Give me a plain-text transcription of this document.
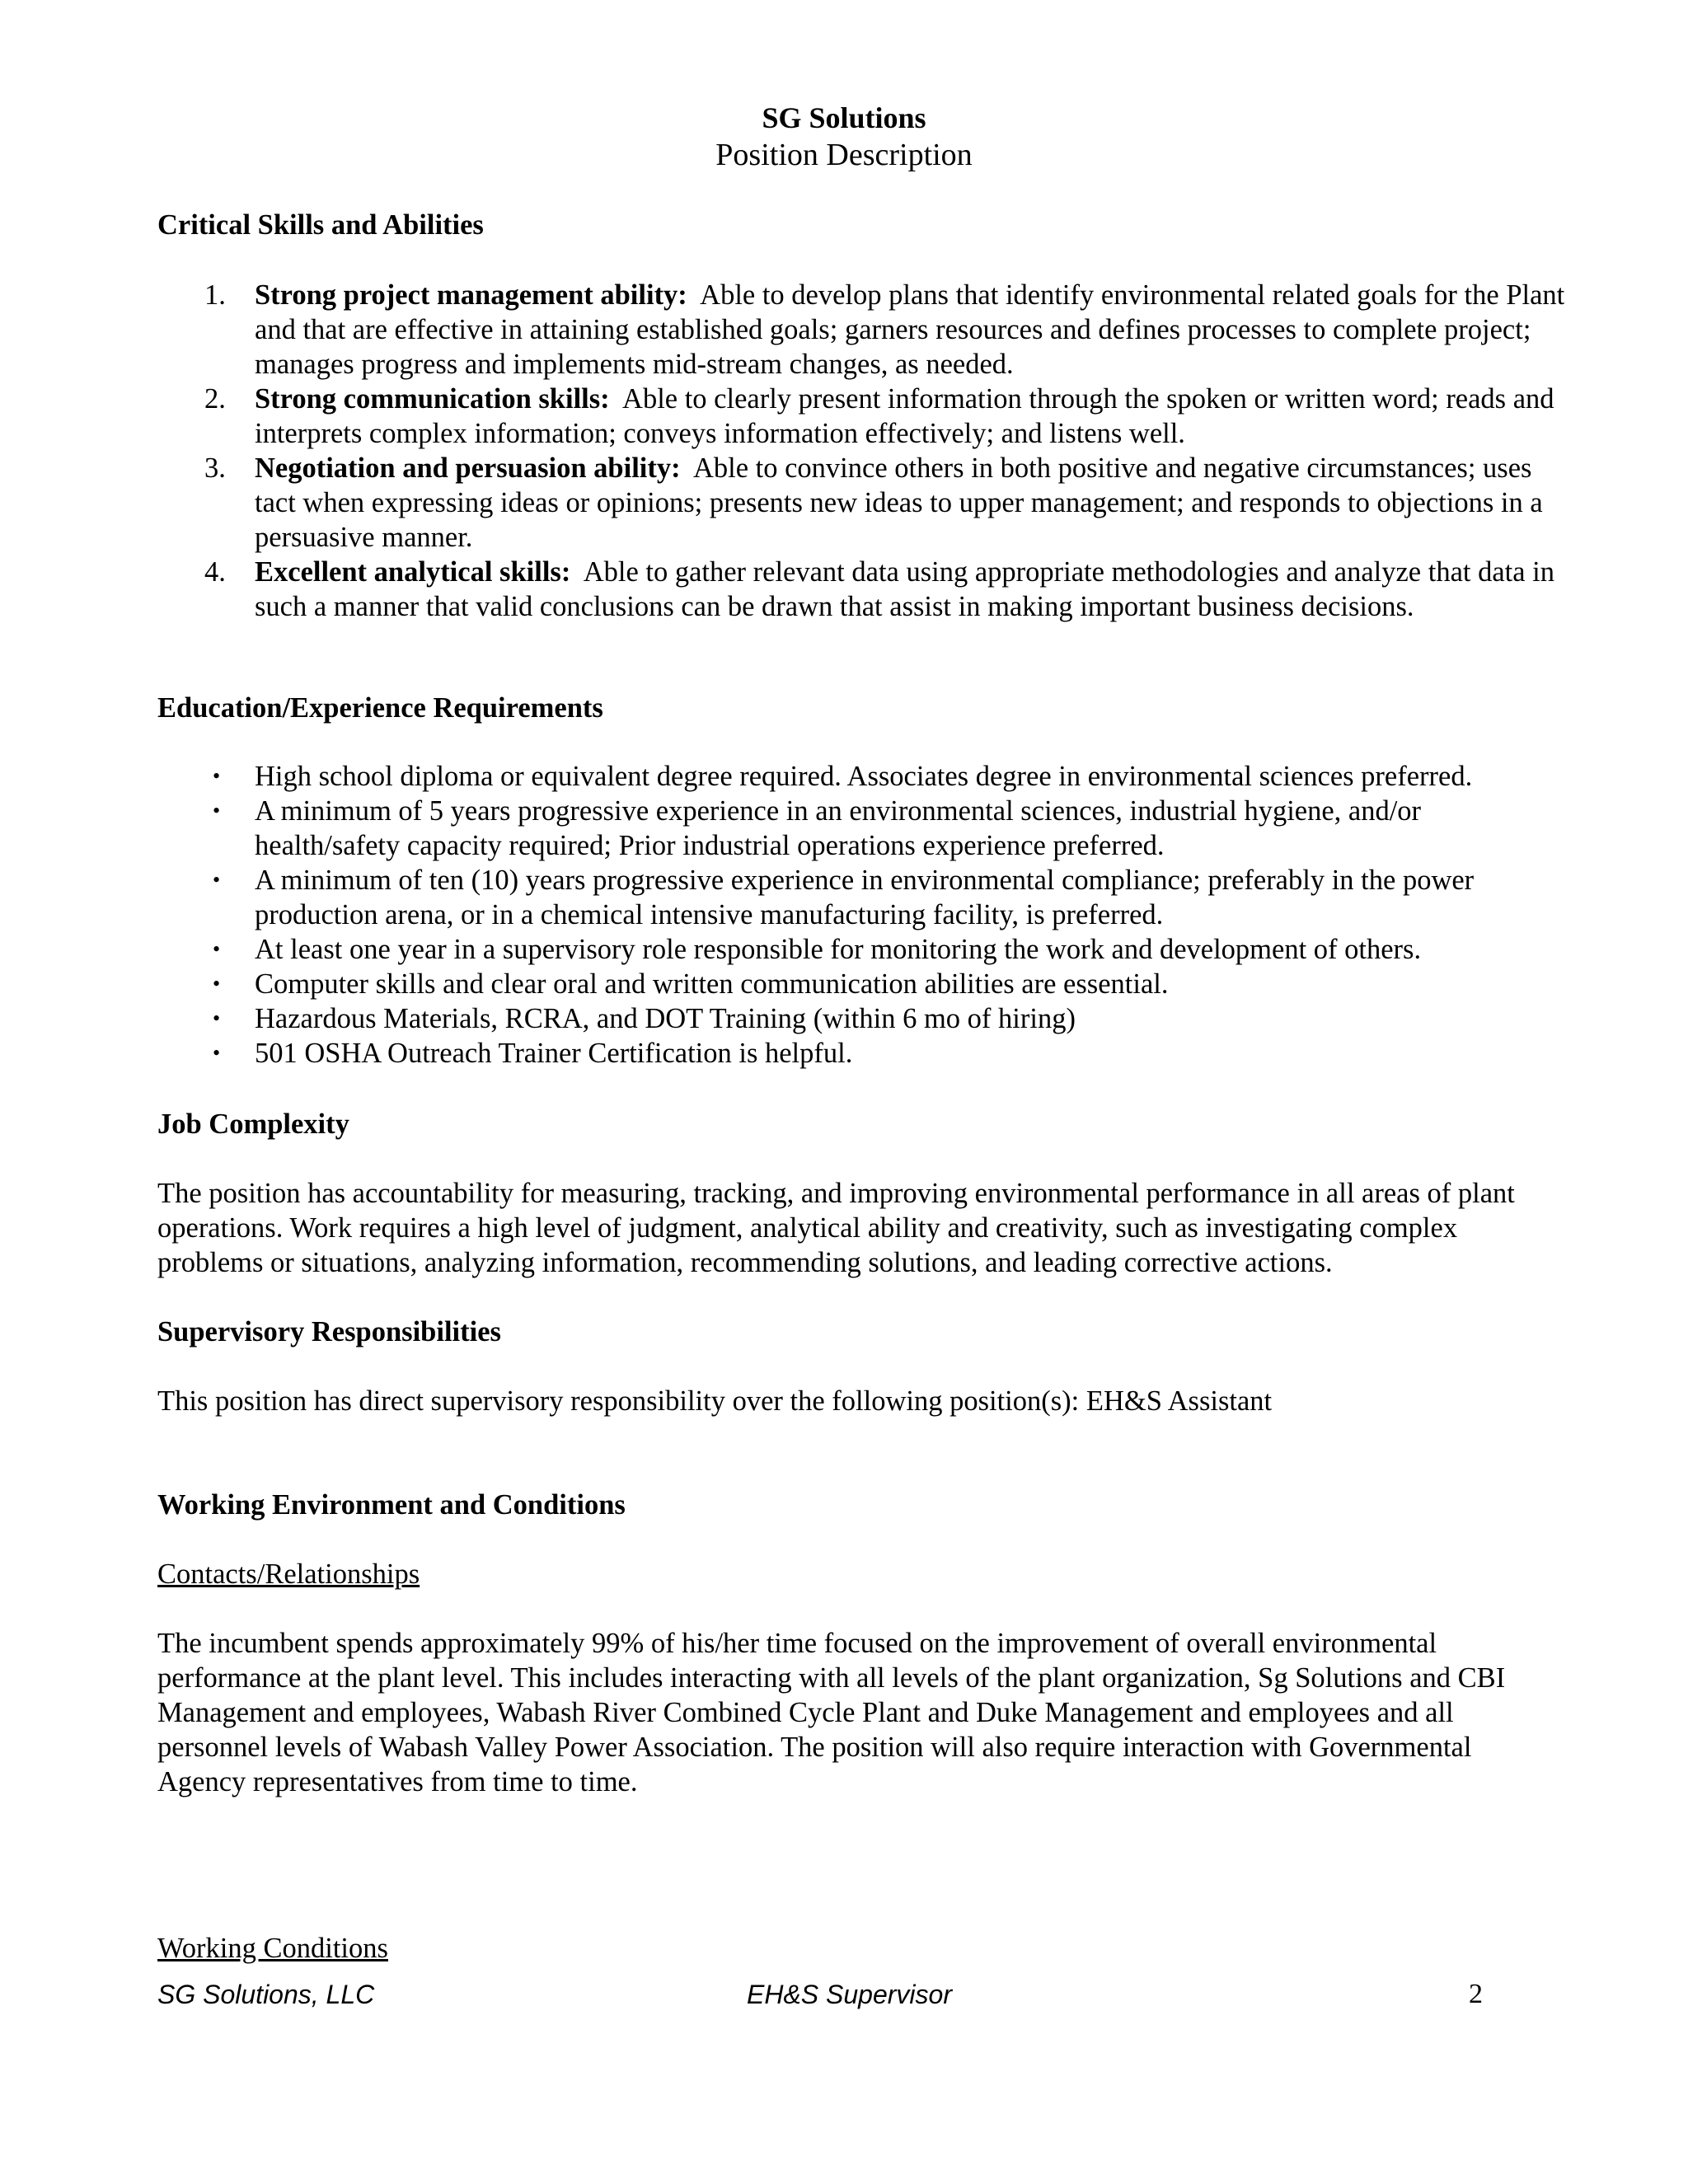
SG Solutions
Position Description
Critical Skills and Abilities
1.	Strong project management ability: Able to develop plans that identify environmental related goals for the Plant and that are effective in attaining established goals; garners resources and defines processes to complete project; manages progress and implements mid-stream changes, as needed.
2.	Strong communication skills: Able to clearly present information through the spoken or written word; reads and interprets complex information; conveys information effectively; and listens well.
3.	Negotiation and persuasion ability: Able to convince others in both positive and negative circumstances; uses tact when expressing ideas or opinions; presents new ideas to upper management; and responds to objections in a persuasive manner.
4.	Excellent analytical skills: Able to gather relevant data using appropriate methodologies and analyze that data in such a manner that valid conclusions can be drawn that assist in making important business decisions.
Education/Experience Requirements
• High school diploma or equivalent degree required. Associates degree in environmental sciences preferred.
• A minimum of 5 years progressive experience in an environmental sciences, industrial hygiene, and/or health/safety capacity required; Prior industrial operations experience preferred.
• A minimum of ten (10) years progressive experience in environmental compliance; preferably in the power production arena, or in a chemical intensive manufacturing facility, is preferred.
• At least one year in a supervisory role responsible for monitoring the work and development of others.
• Computer skills and clear oral and written communication abilities are essential.
• Hazardous Materials, RCRA, and DOT Training (within 6 mo of hiring)
• 501 OSHA Outreach Trainer Certification is helpful.
Job Complexity

The position has accountability for measuring, tracking, and improving environmental performance in all areas of plant operations. Work requires a high level of judgment, analytical ability and creativity, such as investigating complex problems or situations, analyzing information, recommending solutions, and leading corrective actions.

Supervisory Responsibilities

This position has direct supervisory responsibility over the following position(s): EH&S Assistant

Working Environment and Conditions
Contacts/Relationships

The incumbent spends approximately 99% of his/her time focused on the improvement of overall environmental performance at the plant level. This includes interacting with all levels of the plant organization, Sg Solutions and CBI Management and employees, Wabash River Combined Cycle Plant and Duke Management and employees and all personnel levels of Wabash Valley Power Association. The position will also require interaction with Governmental Agency representatives from time to time.

Working Conditions
SG Solutions, LLC	EH&S Supervisor	2
